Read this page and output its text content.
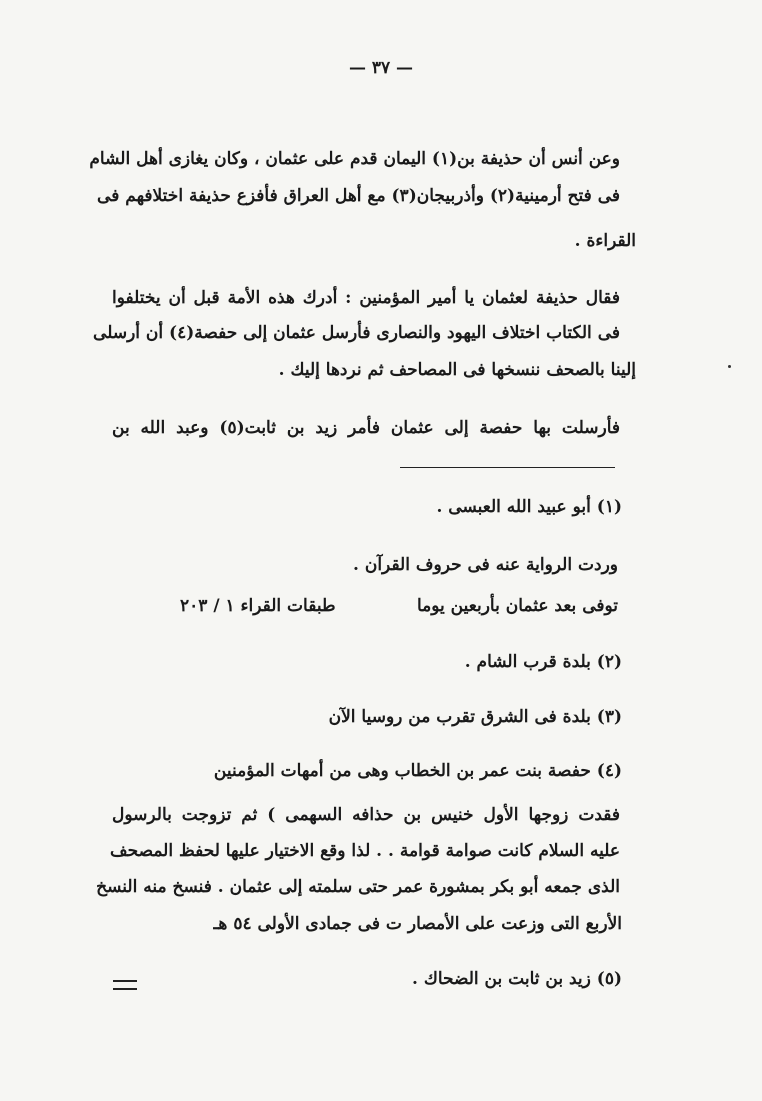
— ٣٧ —
وعن أنس أن حذيفة بن(١) اليمان قدم على عثمان ، وكان يغازى أهل الشام
فى فتح أرمينية(٢) وأذربيجان(٣) مع أهل العراق فأفزع حذيفة اختلافهم فى
القراءة .
فقال حذيفة لعثمان يا أمير المؤمنين : أدرك هذه الأمة قبل أن يختلفوا
فى الكتاب اختلاف اليهود والنصارى فأرسل عثمان إلى حفصة(٤) أن أرسلى
إلينا بالصحف ننسخها فى المصاحف ثم نردها إليك .
فأرسلت بها حفصة إلى عثمان فأمر زيد بن ثابت(٥) وعبد الله بن
(١) أبو عبيد الله العبسى .
وردت الرواية عنه فى حروف القرآن .
توفى بعد عثمان بأربعين يوما
طبقات القراء ١ / ٢٠٣
(٢) بلدة قرب الشام .
(٣) بلدة فى الشرق تقرب من روسيا الآن
(٤) حفصة بنت عمر بن الخطاب وهى من أمهات المؤمنين
فقدت زوجها الأول خنيس بن حذافه السهمى ) ثم تزوجت بالرسول
عليه السلام كانت صوامة قوامة . . لذا وقع الاختيار عليها لحفظ المصحف
الذى جمعه أبو بكر بمشورة عمر حتى سلمته إلى عثمان . فنسخ منه النسخ
الأربع التى وزعت على الأمصار ت فى جمادى الأولى ٥٤ هـ
(٥) زيد بن ثابت بن الضحاك .
